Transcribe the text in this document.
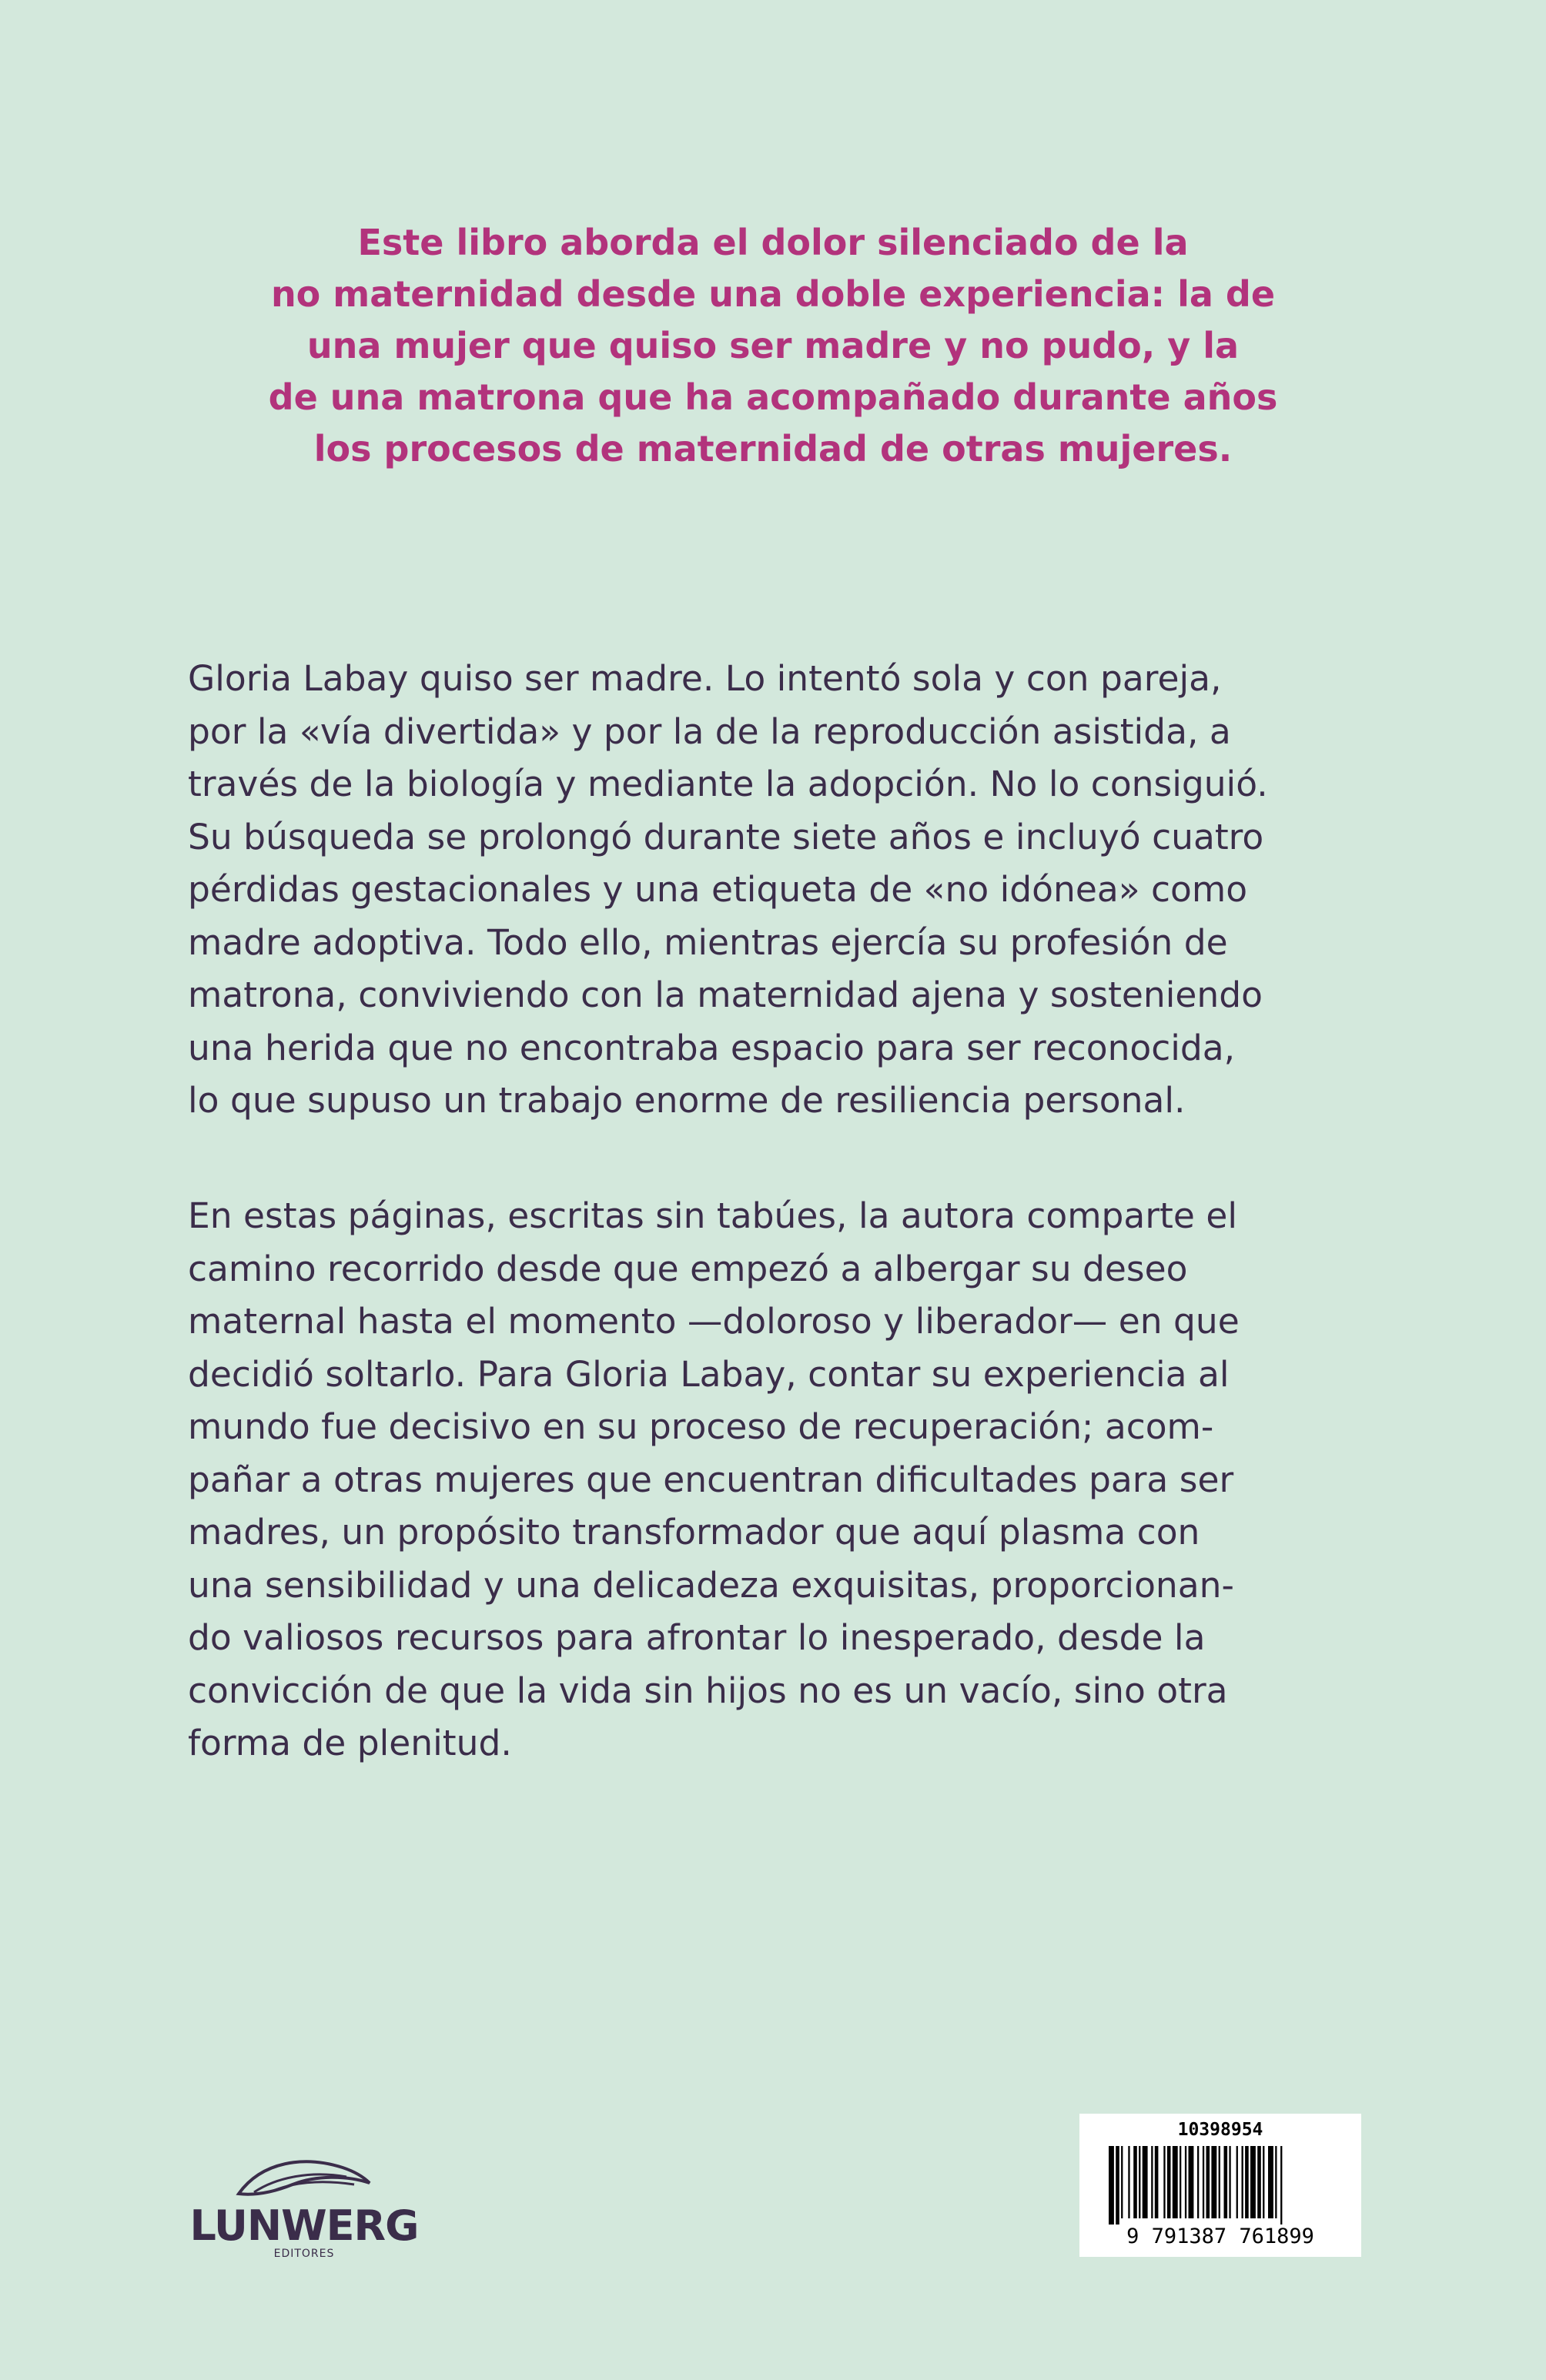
Este libro aborda el dolor silenciado de la
no maternidad desde una doble experiencia: la de
una mujer que quiso ser madre y no pudo, y la
de una matrona que ha acompañado durante años
los procesos de maternidad de otras mujeres.

Gloria Labay quiso ser madre. Lo intentó sola y con pareja,
por la «vía divertida» y por la de la reproducción asistida, a
través de la biología y mediante la adopción. No lo consiguió.
Su búsqueda se prolongó durante siete años e incluyó cuatro
pérdidas gestacionales y una etiqueta de «no idónea» como
madre adoptiva. Todo ello, mientras ejercía su profesión de
matrona, conviviendo con la maternidad ajena y sosteniendo
una herida que no encontraba espacio para ser reconocida,
lo que supuso un trabajo enorme de resiliencia personal.

En estas páginas, escritas sin tabúes, la autora comparte el
camino recorrido desde que empezó a albergar su deseo
maternal hasta el momento —doloroso y liberador— en que
decidió soltarlo. Para Gloria Labay, contar su experiencia al
mundo fue decisivo en su proceso de recuperación; acom-
pañar a otras mujeres que encuentran dificultades para ser
madres, un propósito transformador que aquí plasma con
una sensibilidad y una delicadeza exquisitas, proporcionan-
do valiosos recursos para afrontar lo inesperado, desde la
convicción de que la vida sin hijos no es un vacío, sino otra
forma de plenitud.

LUNWERG
EDITORES
10398954
9 791387 761899
